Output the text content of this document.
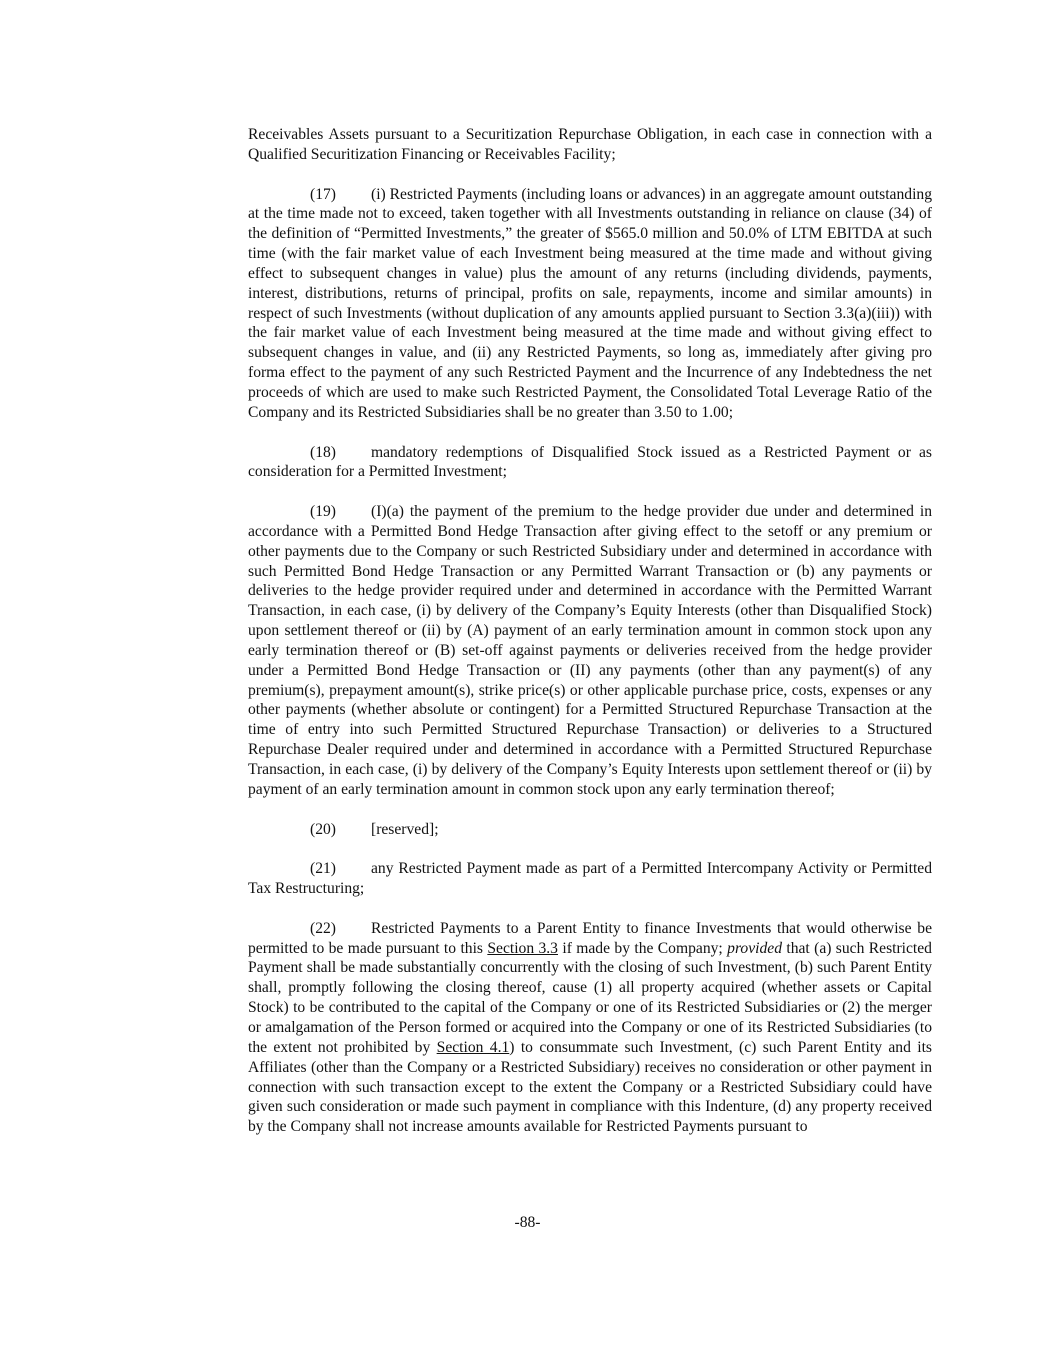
Receivables Assets pursuant to a Securitization Repurchase Obligation, in each case in connection with a Qualified Securitization Financing or Receivables Facility;

(17) (i) Restricted Payments (including loans or advances) in an aggregate amount outstanding at the time made not to exceed, taken together with all Investments outstanding in reliance on clause (34) of the definition of “Permitted Investments,” the greater of $565.0 million and 50.0% of LTM EBITDA at such time (with the fair market value of each Investment being measured at the time made and without giving effect to subsequent changes in value) plus the amount of any returns (including dividends, payments, interest, distributions, returns of principal, profits on sale, repayments, income and similar amounts) in respect of such Investments (without duplication of any amounts applied pursuant to Section 3.3(a)(iii)) with the fair market value of each Investment being measured at the time made and without giving effect to subsequent changes in value, and (ii) any Restricted Payments, so long as, immediately after giving pro forma effect to the payment of any such Restricted Payment and the Incurrence of any Indebtedness the net proceeds of which are used to make such Restricted Payment, the Consolidated Total Leverage Ratio of the Company and its Restricted Subsidiaries shall be no greater than 3.50 to 1.00;

(18) mandatory redemptions of Disqualified Stock issued as a Restricted Payment or as consideration for a Permitted Investment;

(19) (I)(a) the payment of the premium to the hedge provider due under and determined in accordance with a Permitted Bond Hedge Transaction after giving effect to the setoff or any premium or other payments due to the Company or such Restricted Subsidiary under and determined in accordance with such Permitted Bond Hedge Transaction or any Permitted Warrant Transaction or (b) any payments or deliveries to the hedge provider required under and determined in accordance with the Permitted Warrant Transaction, in each case, (i) by delivery of the Company’s Equity Interests (other than Disqualified Stock) upon settlement thereof or (ii) by (A) payment of an early termination amount in common stock upon any early termination thereof or (B) set-off against payments or deliveries received from the hedge provider under a Permitted Bond Hedge Transaction or (II) any payments (other than any payment(s) of any premium(s), prepayment amount(s), strike price(s) or other applicable purchase price, costs, expenses or any other payments (whether absolute or contingent) for a Permitted Structured Repurchase Transaction at the time of entry into such Permitted Structured Repurchase Transaction) or deliveries to a Structured Repurchase Dealer required under and determined in accordance with a Permitted Structured Repurchase Transaction, in each case, (i) by delivery of the Company’s Equity Interests upon settlement thereof or (ii) by payment of an early termination amount in common stock upon any early termination thereof;

(20) [reserved];

(21) any Restricted Payment made as part of a Permitted Intercompany Activity or Permitted Tax Restructuring;

(22) Restricted Payments to a Parent Entity to finance Investments that would otherwise be permitted to be made pursuant to this Section 3.3 if made by the Company; provided that (a) such Restricted Payment shall be made substantially concurrently with the closing of such Investment, (b) such Parent Entity shall, promptly following the closing thereof, cause (1) all property acquired (whether assets or Capital Stock) to be contributed to the capital of the Company or one of its Restricted Subsidiaries or (2) the merger or amalgamation of the Person formed or acquired into the Company or one of its Restricted Subsidiaries (to the extent not prohibited by Section 4.1) to consummate such Investment, (c) such Parent Entity and its Affiliates (other than the Company or a Restricted Subsidiary) receives no consideration or other payment in connection with such transaction except to the extent the Company or a Restricted Subsidiary could have given such consideration or made such payment in compliance with this Indenture, (d) any property received by the Company shall not increase amounts available for Restricted Payments pursuant to

-88-
